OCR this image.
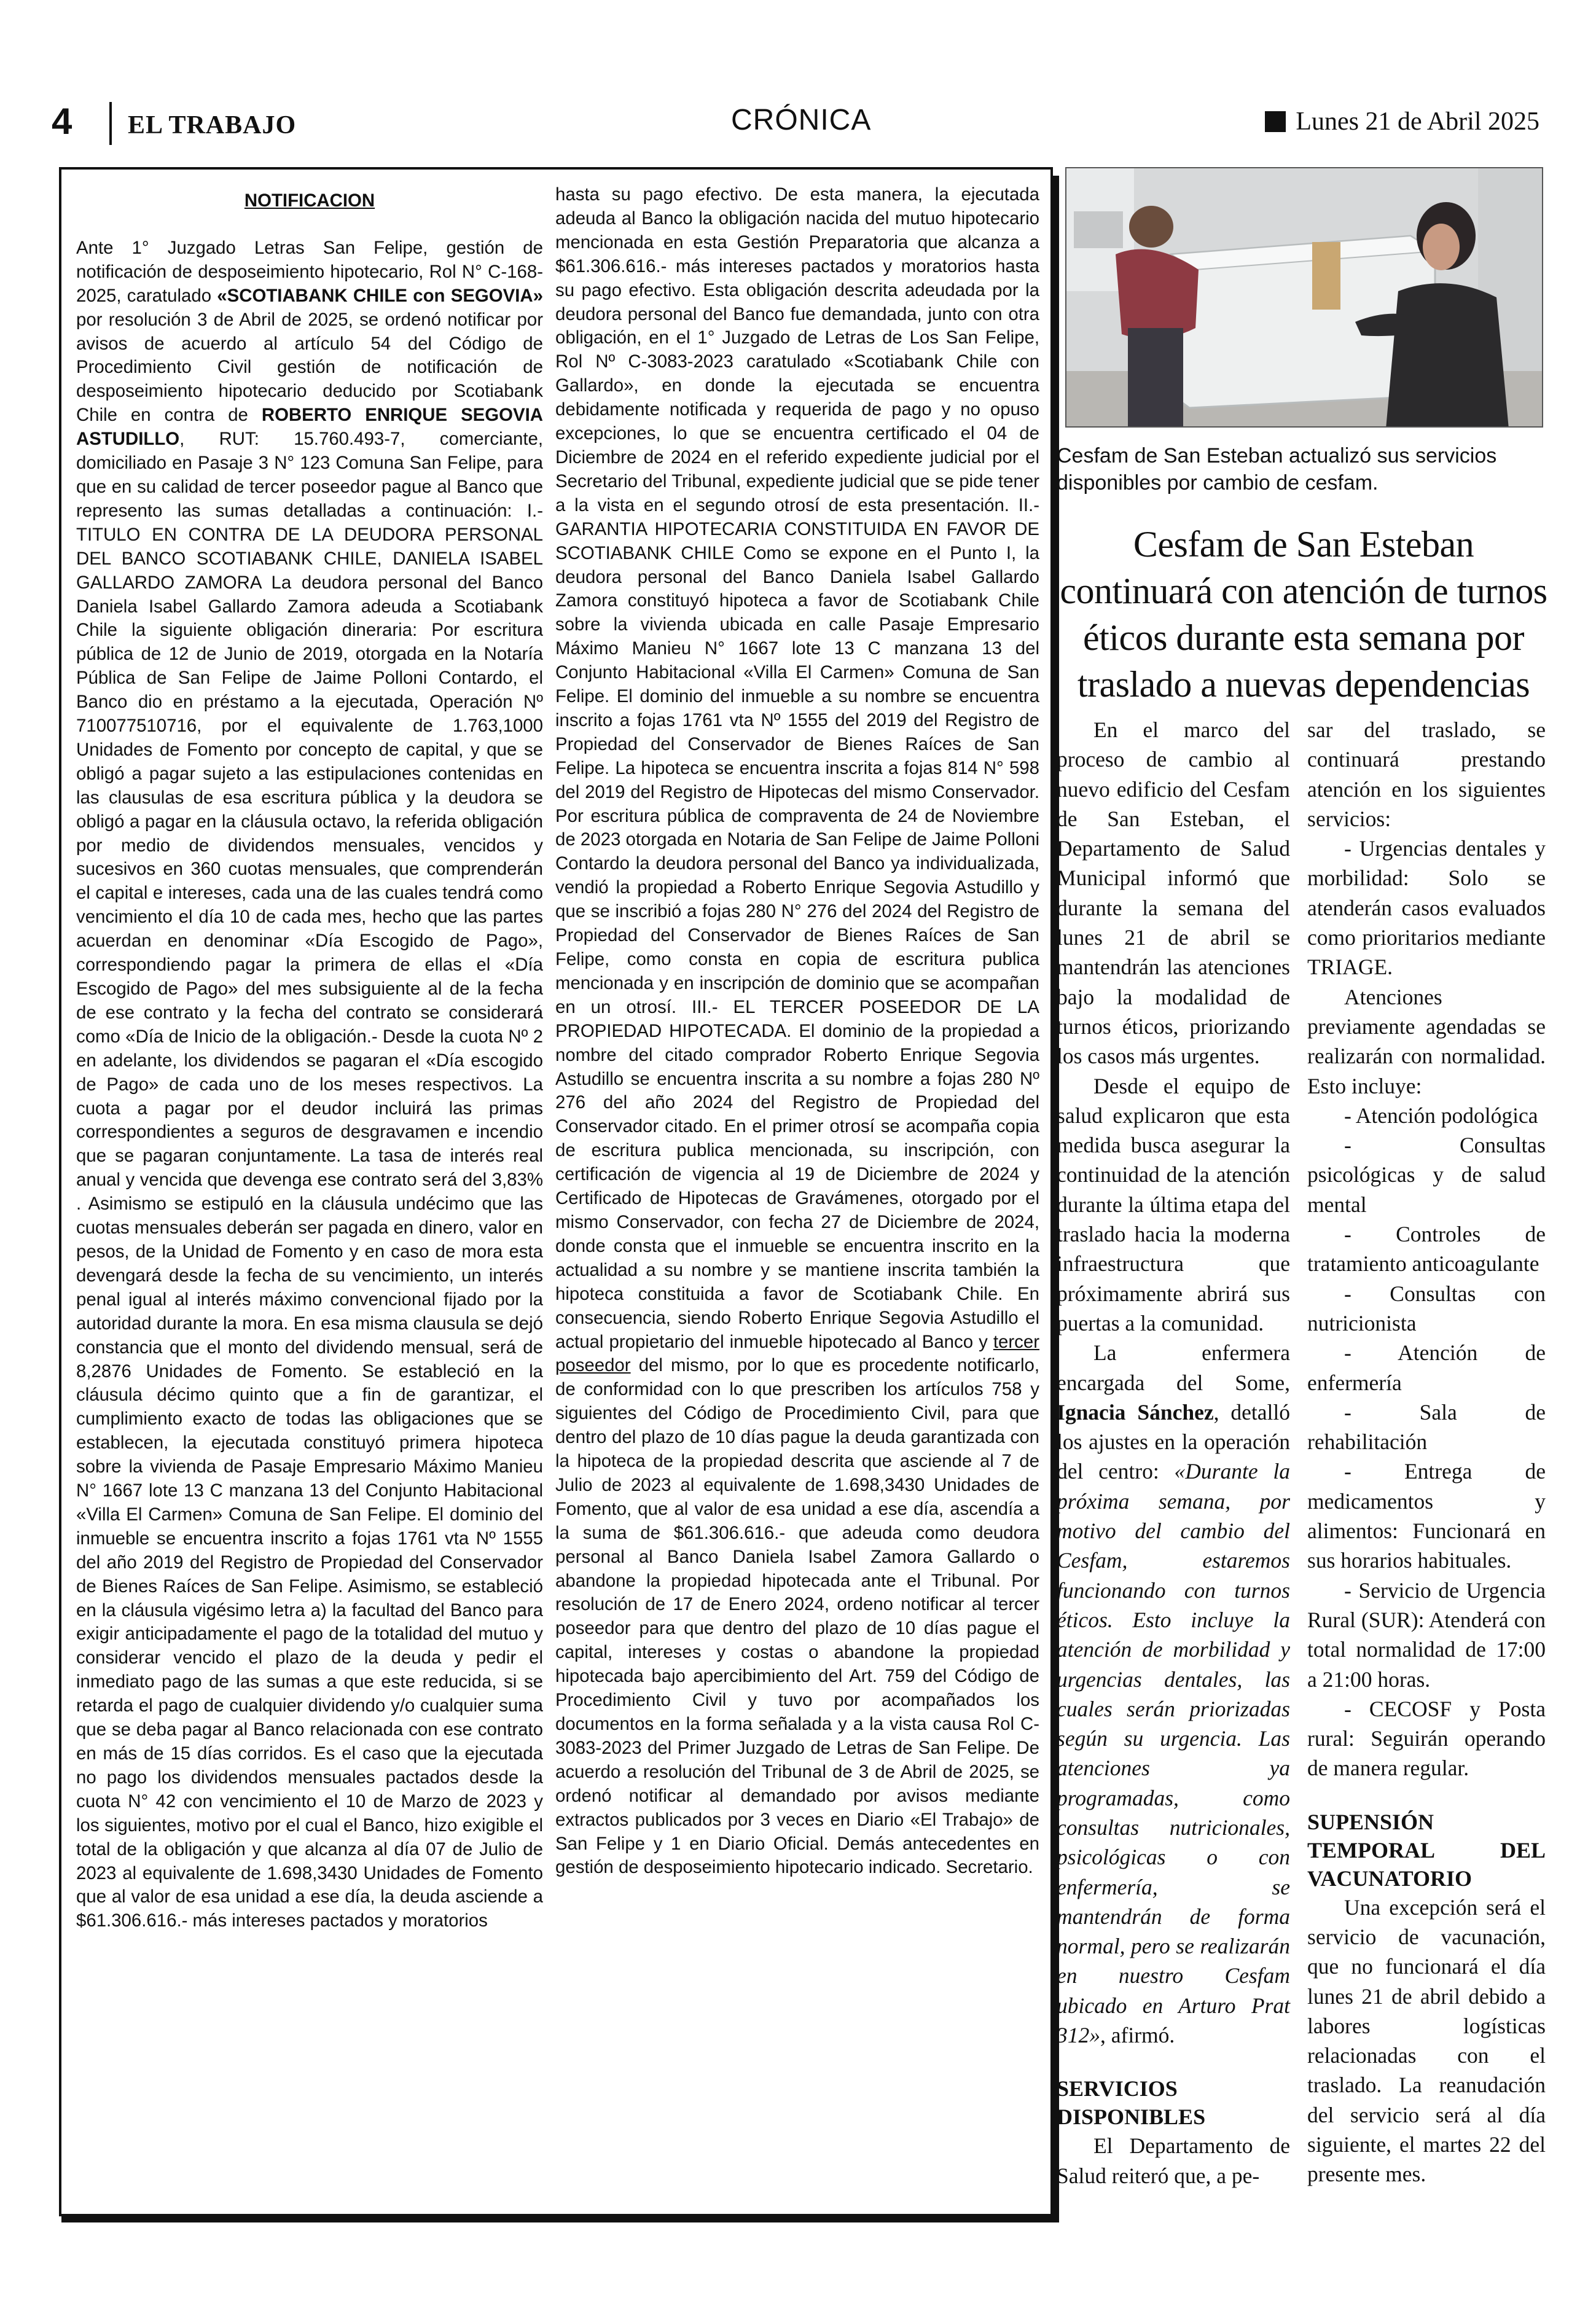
4 EL TRABAJO	CRÓNICA	Lunes 21 de Abril 2025
NOTIFICACION
Ante 1° Juzgado Letras San Felipe, gestión de notificación de desposeimiento hipotecario, Rol N° C-168-2025, caratulado «SCOTIABANK CHILE con SEGOVIA» por resolución 3 de Abril de 2025, se ordenó notificar por avisos de acuerdo al artículo 54 del Código de Procedimiento Civil gestión de notificación de desposeimiento hipotecario deducido por Scotiabank Chile en contra de ROBERTO ENRIQUE SEGOVIA ASTUDILLO, RUT: 15.760.493-7, comerciante, domiciliado en Pasaje 3 N° 123 Comuna San Felipe, para que en su calidad de tercer poseedor pague al Banco que represento las sumas detalladas a continuación: I.- TITULO EN CONTRA DE LA DEUDORA PERSONAL DEL BANCO SCOTIABANK CHILE, DANIELA ISABEL GALLARDO ZAMORA La deudora personal del Banco Daniela Isabel Gallardo Zamora adeuda a Scotiabank Chile la siguiente obligación dineraria: Por escritura pública de 12 de Junio de 2019, otorgada en la Notaría Pública de San Felipe de Jaime Polloni Contardo, el Banco dio en préstamo a la ejecutada, Operación Nº 710077510716, por el equivalente de 1.763,1000 Unidades de Fomento por concepto de capital, y que se obligó a pagar sujeto a las estipulaciones contenidas en las clausulas de esa escritura pública y la deudora se obligó a pagar en la cláusula octavo, la referida obligación por medio de dividendos mensuales, vencidos y sucesivos en 360 cuotas mensuales, que comprenderán el capital e intereses, cada una de las cuales tendrá como vencimiento el día 10 de cada mes, hecho que las partes acuerdan en denominar «Día Escogido de Pago», correspondiendo pagar la primera de ellas el «Día Escogido de Pago» del mes subsiguiente al de la fecha de ese contrato y la fecha del contrato se considerará como «Día de Inicio de la obligación.- Desde la cuota Nº 2 en adelante, los dividendos se pagaran el «Día escogido de Pago» de cada uno de los meses respectivos. La cuota a pagar por el deudor incluirá las primas correspondientes a seguros de desgravamen e incendio que se pagaran conjuntamente. La tasa de interés real anual y vencida que devenga ese contrato será del 3,83% . Asimismo se estipuló en la cláusula undécimo que las cuotas mensuales deberán ser pagada en dinero, valor en pesos, de la Unidad de Fomento y en caso de mora esta devengará desde la fecha de su vencimiento, un interés penal igual al interés máximo convencional fijado por la autoridad durante la mora. En esa misma clausula se dejó constancia que el monto del dividendo mensual, será de 8,2876 Unidades de Fomento. Se estableció en la cláusula décimo quinto que a fin de garantizar, el cumplimiento exacto de todas las obligaciones que se establecen, la ejecutada constituyó primera hipoteca sobre la vivienda de Pasaje Empresario Máximo Manieu N° 1667 lote 13 C manzana 13 del Conjunto Habitacional «Villa El Carmen» Comuna de San Felipe. El dominio del inmueble se encuentra inscrito a fojas 1761 vta Nº 1555 del año 2019 del Registro de Propiedad del Conservador de Bienes Raíces de San Felipe. Asimismo, se estableció en la cláusula vigésimo letra a) la facultad del Banco para exigir anticipadamente el pago de la totalidad del mutuo y considerar vencido el plazo de la deuda y pedir el inmediato pago de las sumas a que este reducida, si se retarda el pago de cualquier dividendo y/o cualquier suma que se deba pagar al Banco relacionada con ese contrato en más de 15 días corridos. Es el caso que la ejecutada no pago los dividendos mensuales pactados desde la cuota N° 42 con vencimiento el 10 de Marzo de 2023 y los siguientes, motivo por el cual el Banco, hizo exigible el total de la obligación y que alcanza al día 07 de Julio de 2023 al equivalente de 1.698,3430 Unidades de Fomento que al valor de esa unidad a ese día, la deuda asciende a $61.306.616.- más intereses pactados y moratorios
hasta su pago efectivo. De esta manera, la ejecutada adeuda al Banco la obligación nacida del mutuo hipotecario mencionada en esta Gestión Preparatoria que alcanza a $61.306.616.- más intereses pactados y moratorios hasta su pago efectivo. Esta obligación descrita adeudada por la deudora personal del Banco fue demandada, junto con otra obligación, en el 1° Juzgado de Letras de Los San Felipe, Rol Nº C-3083-2023 caratulado «Scotiabank Chile con Gallardo», en donde la ejecutada se encuentra debidamente notificada y requerida de pago y no opuso excepciones, lo que se encuentra certificado el 04 de Diciembre de 2024 en el referido expediente judicial por el Secretario del Tribunal, expediente judicial que se pide tener a la vista en el segundo otrosí de esta presentación. II.- GARANTIA HIPOTECARIA CONSTITUIDA EN FAVOR DE SCOTIABANK CHILE Como se expone en el Punto I, la deudora personal del Banco Daniela Isabel Gallardo Zamora constituyó hipoteca a favor de Scotiabank Chile sobre la vivienda ubicada en calle Pasaje Empresario Máximo Manieu N° 1667 lote 13 C manzana 13 del Conjunto Habitacional «Villa El Carmen» Comuna de San Felipe. El dominio del inmueble a su nombre se encuentra inscrito a fojas 1761 vta Nº 1555 del 2019 del Registro de Propiedad del Conservador de Bienes Raíces de San Felipe. La hipoteca se encuentra inscrita a fojas 814 N° 598 del 2019 del Registro de Hipotecas del mismo Conservador. Por escritura pública de compraventa de 24 de Noviembre de 2023 otorgada en Notaria de San Felipe de Jaime Polloni Contardo la deudora personal del Banco ya individualizada, vendió la propiedad a Roberto Enrique Segovia Astudillo y que se inscribió a fojas 280 N° 276 del 2024 del Registro de Propiedad del Conservador de Bienes Raíces de San Felipe, como consta en copia de escritura publica mencionada y en inscripción de dominio que se acompañan en un otrosí. III.- EL TERCER POSEEDOR DE LA PROPIEDAD HIPOTECADA. El dominio de la propiedad a nombre del citado comprador Roberto Enrique Segovia Astudillo se encuentra inscrita a su nombre a fojas 280 Nº 276 del año 2024 del Registro de Propiedad del Conservador citado. En el primer otrosí se acompaña copia de escritura publica mencionada, su inscripción, con certificación de vigencia al 19 de Diciembre de 2024 y Certificado de Hipotecas de Gravámenes, otorgado por el mismo Conservador, con fecha 27 de Diciembre de 2024, donde consta que el inmueble se encuentra inscrito en la actualidad a su nombre y se mantiene inscrita también la hipoteca constituida a favor de Scotiabank Chile. En consecuencia, siendo Roberto Enrique Segovia Astudillo el actual propietario del inmueble hipotecado al Banco y tercer poseedor del mismo, por lo que es procedente notificarlo, de conformidad con lo que prescriben los artículos 758 y siguientes del Código de Procedimiento Civil, para que dentro del plazo de 10 días pague la deuda garantizada con la hipoteca de la propiedad descrita que asciende al 7 de Julio de 2023 al equivalente de 1.698,3430 Unidades de Fomento, que al valor de esa unidad a ese día, ascendía a la suma de $61.306.616.- que adeuda como deudora personal al Banco Daniela Isabel Zamora Gallardo o abandone la propiedad hipotecada ante el Tribunal. Por resolución de 17 de Enero 2024, ordeno notificar al tercer poseedor para que dentro del plazo de 10 días pague el capital, intereses y costas o abandone la propiedad hipotecada bajo apercibimiento del Art. 759 del Código de Procedimiento Civil y tuvo por acompañados los documentos en la forma señalada y a la vista causa Rol C-3083-2023 del Primer Juzgado de Letras de San Felipe. De acuerdo a resolución del Tribunal de 3 de Abril de 2025, se ordenó notificar al demandado por avisos mediante extractos publicados por 3 veces en Diario «El Trabajo» de San Felipe y 1 en Diario Oficial. Demás antecedentes en gestión de desposeimiento hipotecario indicado. Secretario.

Cesfam de San Esteban actualizó sus servicios disponibles por cambio de cesfam.

Cesfam de San Esteban continuará con atención de turnos éticos durante esta semana por traslado a nuevas dependencias

En el marco del proceso de cambio al nuevo edificio del Cesfam de San Esteban, el Departamento de Salud Municipal informó que durante la semana del lunes 21 de abril se mantendrán las atenciones bajo la modalidad de turnos éticos, priorizando los casos más urgentes.

Desde el equipo de salud explicaron que esta medida busca asegurar la continuidad de la atención durante la última etapa del traslado hacia la moderna infraestructura que próximamente abrirá sus puertas a la comunidad.

La enfermera encargada del Some, Ignacia Sánchez, detalló los ajustes en la operación del centro: «Durante la próxima semana, por motivo del cambio del Cesfam, estaremos funcionando con turnos éticos. Esto incluye la atención de morbilidad y urgencias dentales, las cuales serán priorizadas según su urgencia. Las atenciones ya programadas, como consultas nutricionales, psicológicas o con enfermería, se mantendrán de forma normal, pero se realizarán en nuestro Cesfam ubicado en Arturo Prat 312», afirmó.

SERVICIOS DISPONIBLES

El Departamento de Salud reiteró que, a pe-

sar del traslado, se continuará prestando atención en los siguientes servicios:

- Urgencias dentales y morbilidad: Solo se atenderán casos evaluados como prioritarios mediante TRIAGE.

Atenciones previamente agendadas se realizarán con normalidad. Esto incluye:

- Atención podológica

- Consultas psicológicas y de salud mental

- Controles de tratamiento anticoagulante

- Consultas con nutricionista

- Atención de enfermería

- Sala de rehabilitación

- Entrega de medicamentos y alimentos: Funcionará en sus horarios habituales.

- Servicio de Urgencia Rural (SUR): Atenderá con total normalidad de 17:00 a 21:00 horas.

- CECOSF y Posta rural: Seguirán operando de manera regular.

SUPENSIÓN TEMPORAL DEL VACUNATORIO

Una excepción será el servicio de vacunación, que no funcionará el día lunes 21 de abril debido a labores logísticas relacionadas con el traslado. La reanudación del servicio será al día siguiente, el martes 22 del presente mes.
